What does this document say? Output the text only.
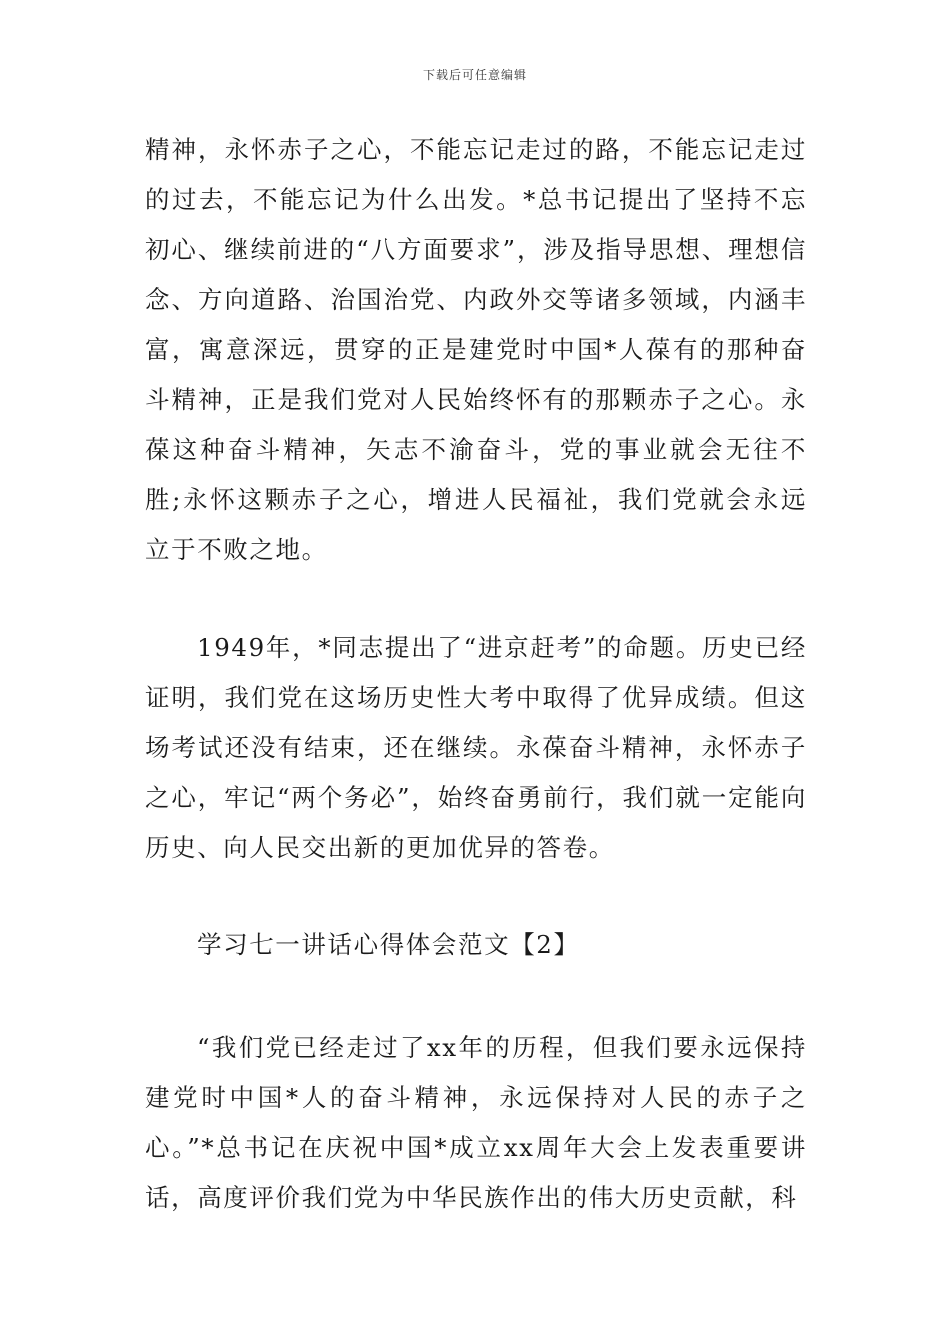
下载后可任意编辑

精神，永怀赤子之心，不能忘记走过的路，不能忘记走过的过去，不能忘记为什么出发。*总书记提出了坚持不忘初心、继续前进的“八方面要求”，涉及指导思想、理想信念、方向道路、治国治党、内政外交等诸多领域，内涵丰富，寓意深远，贯穿的正是建党时中国*人葆有的那种奋斗精神，正是我们党对人民始终怀有的那颗赤子之心。永葆这种奋斗精神，矢志不渝奋斗，党的事业就会无往不胜;永怀这颗赤子之心，增进人民福祉，我们党就会永远立于不败之地。

1949年，*同志提出了“进京赶考”的命题。历史已经证明，我们党在这场历史性大考中取得了优异成绩。但这场考试还没有结束，还在继续。永葆奋斗精神，永怀赤子之心，牢记“两个务必”，始终奋勇前行，我们就一定能向历史、向人民交出新的更加优异的答卷。

学习七一讲话心得体会范文【2】

“我们党已经走过了xx年的历程，但我们要永远保持建党时中国*人的奋斗精神，永远保持对人民的赤子之心。”*总书记在庆祝中国*成立xx周年大会上发表重要讲话，高度评价我们党为中华民族作出的伟大历史贡献，科
